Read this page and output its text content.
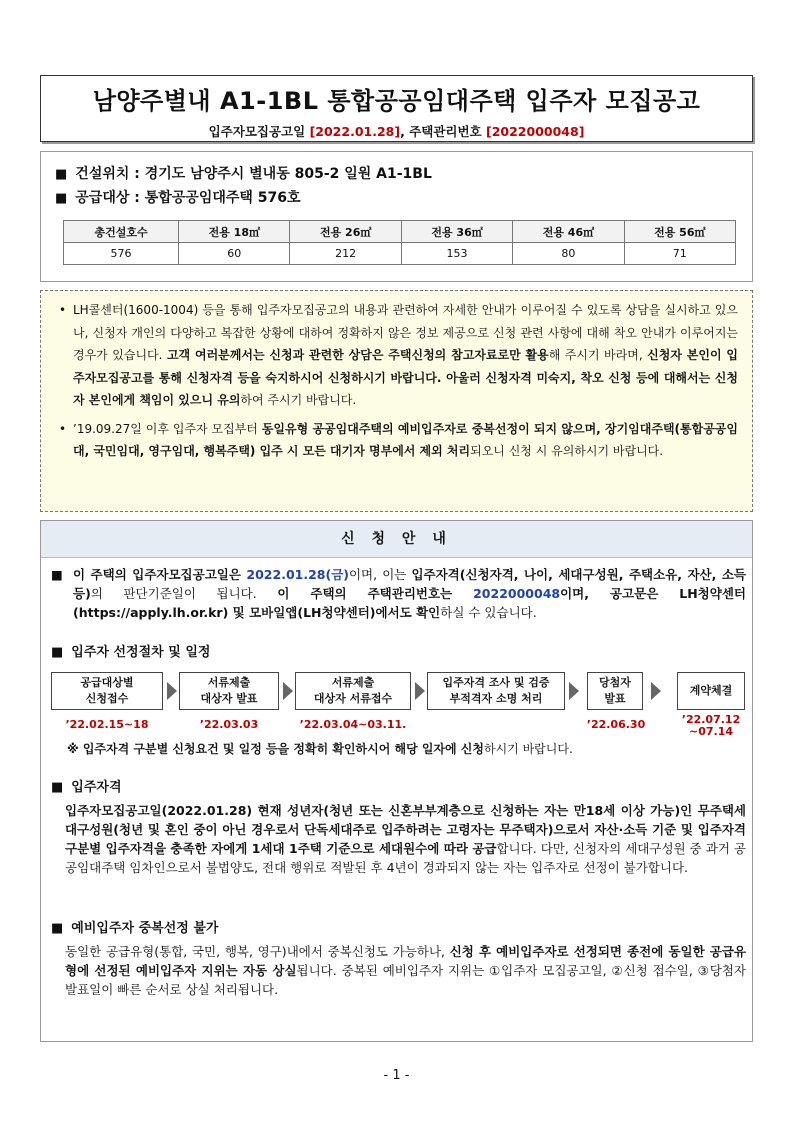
남양주별내 A1-1BL 통합공공임대주택 입주자 모집공고
입주자모집공고일 [2022.01.28], 주택관리번호 [2022000048]
■ 건설위치 : 경기도 남양주시 별내동 805-2 일원 A1-1BL
■ 공급대상 : 통합공공임대주택 576호
총건설호수	전용 18㎡	전용 26㎡	전용 36㎡	전용 46㎡	전용 56㎡
576	60	212	153	80	71
• LH콜센터(1600-1004) 등을 통해 입주자모집공고의 내용과 관련하여 자세한 안내가 이루어질 수 있도록 상담을 실시하고 있으나, 신청자 개인의 다양하고 복잡한 상황에 대하여 정확하지 않은 정보 제공으로 신청 관련 사항에 대해 착오 안내가 이루어지는 경우가 있습니다. 고객 여러분께서는 신청과 관련한 상담은 주택신청의 참고자료로만 활용해 주시기 바라며, 신청자 본인이 입주자모집공고를 통해 신청자격 등을 숙지하시어 신청하시기 바랍니다. 아울러 신청자격 미숙지, 착오 신청 등에 대해서는 신청자 본인에게 책임이 있으니 유의하여 주시기 바랍니다.
• ’19.09.27일 이후 입주자 모집부터 동일유형 공공임대주택의 예비입주자로 중복선정이 되지 않으며, 장기임대주택(통합공공임대, 국민임대, 영구임대, 행복주택) 입주 시 모든 대기자 명부에서 제외 처리되오니 신청 시 유의하시기 바랍니다.
신 청 안 내
■ 이 주택의 입주자모집공고일은 2022.01.28(금)이며, 이는 입주자격(신청자격, 나이, 세대구성원, 주택소유, 자산, 소득 등)의 판단기준일이 됩니다. 이 주택의 주택관리번호는 2022000048이며, 공고문은 LH청약센터(https://apply.lh.or.kr) 및 모바일앱(LH청약센터)에서도 확인하실 수 있습니다.
■ 입주자 선정절차 및 일정
공급대상별
신청접수
서류제출
대상자 발표
서류제출
대상자 서류접수
입주자격 조사 및 검증
부적격자 소명 처리
당첨자
발표
계약체결
’22.02.15~18	’22.03.03	’22.03.04~03.11.	’22.06.30	’22.07.12
~07.14
※ 입주자격 구분별 신청요건 및 일정 등을 정확히 확인하시어 해당 일자에 신청하시기 바랍니다.
■ 입주자격
입주자모집공고일(2022.01.28) 현재 성년자(청년 또는 신혼부부계층으로 신청하는 자는 만18세 이상 가능)인 무주택세대구성원(청년 및 혼인 중이 아닌 경우로서 단독세대주로 입주하려는 고령자는 무주택자)으로서 자산·소득 기준 및 입주자격 구분별 입주자격을 충족한 자에게 1세대 1주택 기준으로 세대원수에 따라 공급합니다. 다만, 신청자의 세대구성원 중 과거 공공임대주택 임차인으로서 불법양도, 전대 행위로 적발된 후 4년이 경과되지 않는 자는 입주자로 선정이 불가합니다.
■ 예비입주자 중복선정 불가
동일한 공급유형(통합, 국민, 행복, 영구)내에서 중복신청도 가능하나, 신청 후 예비입주자로 선정되면 종전에 동일한 공급유형에 선정된 예비입주자 지위는 자동 상실됩니다. 중복된 예비입주자 지위는 ①입주자 모집공고일, ②신청 접수일, ③당첨자 발표일이 빠른 순서로 상실 처리됩니다.
- 1 -
